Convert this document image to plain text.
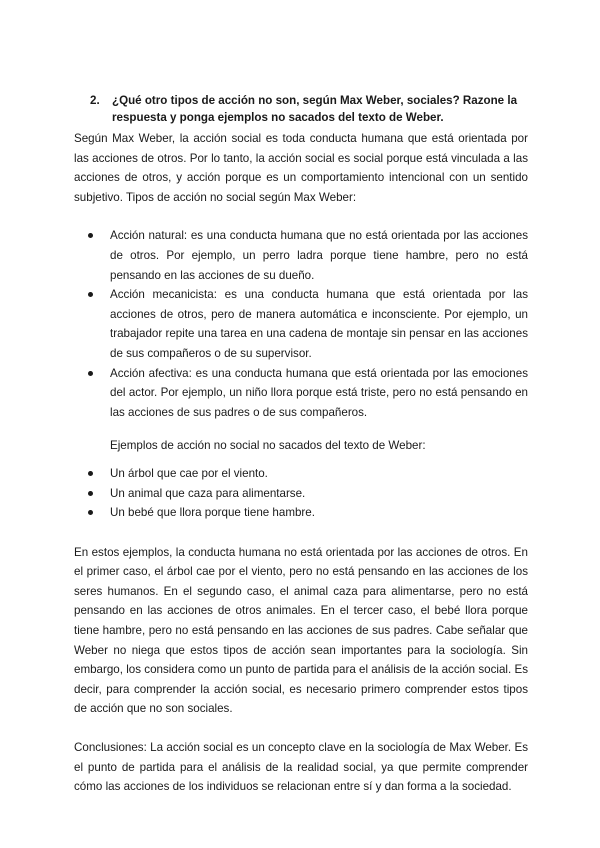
2.	¿Qué otro tipos de acción no son, según Max Weber, sociales? Razone la respuesta y ponga ejemplos no sacados del texto de Weber.

Según Max Weber, la acción social es toda conducta humana que está orientada por las acciones de otros. Por lo tanto, la acción social es social porque está vinculada a las acciones de otros, y acción porque es un comportamiento intencional con un sentido subjetivo. Tipos de acción no social según Max Weber:

Acción natural: es una conducta humana que no está orientada por las acciones de otros. Por ejemplo, un perro ladra porque tiene hambre, pero no está pensando en las acciones de su dueño.
Acción mecanicista: es una conducta humana que está orientada por las acciones de otros, pero de manera automática e inconsciente. Por ejemplo, un trabajador repite una tarea en una cadena de montaje sin pensar en las acciones de sus compañeros o de su supervisor.
Acción afectiva: es una conducta humana que está orientada por las emociones del actor. Por ejemplo, un niño llora porque está triste, pero no está pensando en las acciones de sus padres o de sus compañeros.

Ejemplos de acción no social no sacados del texto de Weber:

Un árbol que cae por el viento.
Un animal que caza para alimentarse.
Un bebé que llora porque tiene hambre.

En estos ejemplos, la conducta humana no está orientada por las acciones de otros. En el primer caso, el árbol cae por el viento, pero no está pensando en las acciones de los seres humanos. En el segundo caso, el animal caza para alimentarse, pero no está pensando en las acciones de otros animales. En el tercer caso, el bebé llora porque tiene hambre, pero no está pensando en las acciones de sus padres. Cabe señalar que Weber no niega que estos tipos de acción sean importantes para la sociología. Sin embargo, los considera como un punto de partida para el análisis de la acción social. Es decir, para comprender la acción social, es necesario primero comprender estos tipos de acción que no son sociales.

Conclusiones: La acción social es un concepto clave en la sociología de Max Weber. Es el punto de partida para el análisis de la realidad social, ya que permite comprender cómo las acciones de los individuos se relacionan entre sí y dan forma a la sociedad.
